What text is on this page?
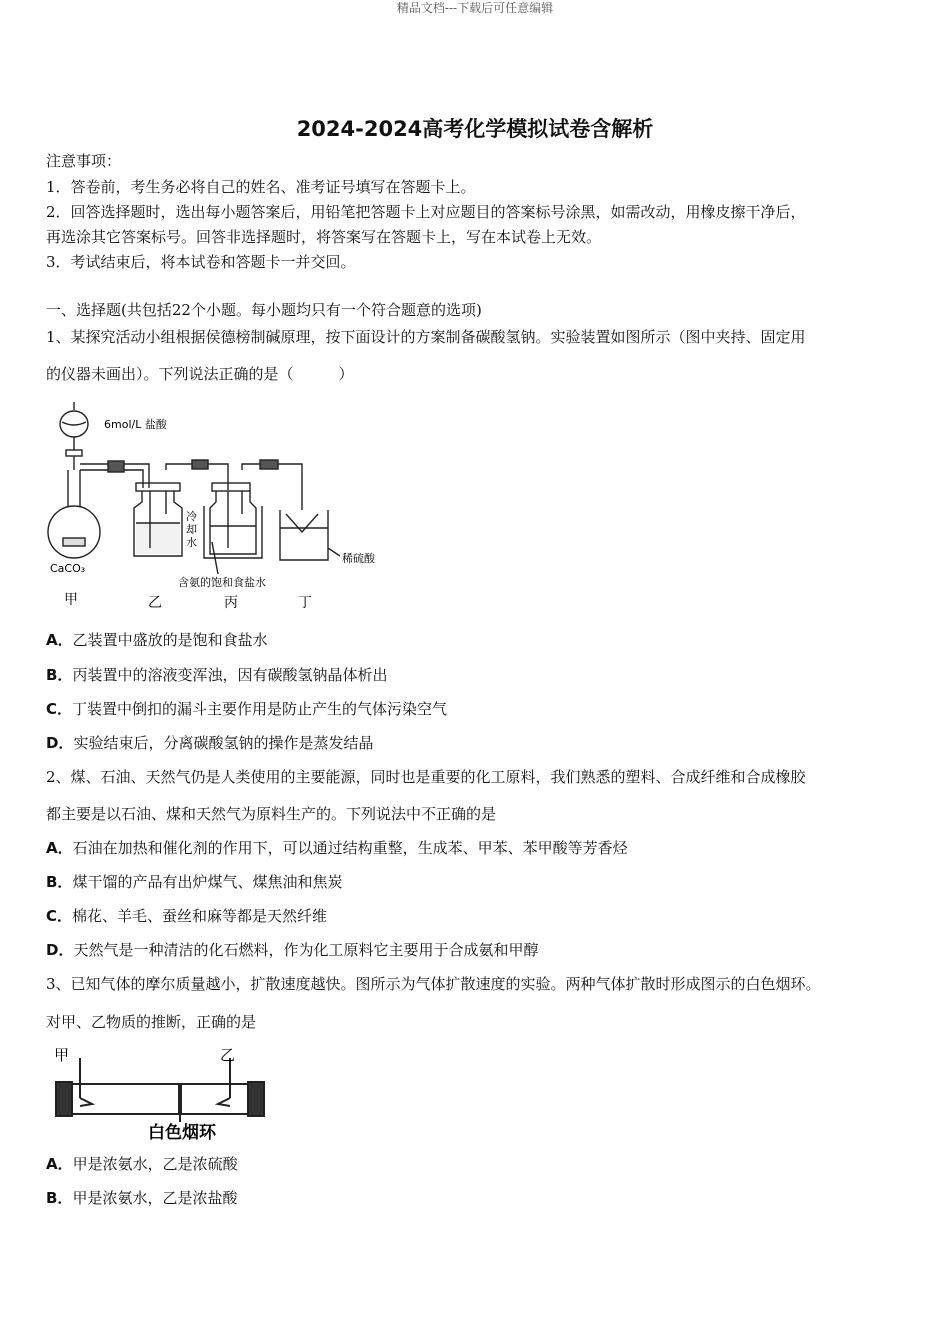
精品文档---下载后可任意编辑
2024-2024高考化学模拟试卷含解析
注意事项：
1．答卷前，考生务必将自己的姓名、准考证号填写在答题卡上。
2．回答选择题时，选出每小题答案后，用铅笔把答题卡上对应题目的答案标号涂黑，如需改动，用橡皮擦干净后，
再选涂其它答案标号。回答非选择题时，将答案写在答题卡上，写在本试卷上无效。
3．考试结束后，将本试卷和答题卡一并交回。
一、选择题(共包括22个小题。每小题均只有一个符合题意的选项)
1、某探究活动小组根据侯德榜制碱原理，按下面设计的方案制备碳酸氢钠。实验装置如图所示（图中夹持、固定用
的仪器未画出）。下列说法正确的是（　　　）
6mol/L 盐酸
CaCO₃
冷
却
水
含氨的饱和食盐水
稀硫酸
甲	乙	丙	丁
A．乙装置中盛放的是饱和食盐水
B．丙装置中的溶液变浑浊，因有碳酸氢钠晶体析出
C．丁装置中倒扣的漏斗主要作用是防止产生的气体污染空气
D．实验结束后，分离碳酸氢钠的操作是蒸发结晶
2、煤、石油、天然气仍是人类使用的主要能源，同时也是重要的化工原料，我们熟悉的塑料、合成纤维和合成橡胶
都主要是以石油、煤和天然气为原料生产的。下列说法中不正确的是
A．石油在加热和催化剂的作用下，可以通过结构重整，生成苯、甲苯、苯甲酸等芳香烃
B．煤干馏的产品有出炉煤气、煤焦油和焦炭
C．棉花、羊毛、蚕丝和麻等都是天然纤维
D．天然气是一种清洁的化石燃料，作为化工原料它主要用于合成氨和甲醇
3、已知气体的摩尔质量越小，扩散速度越快。图所示为气体扩散速度的实验。两种气体扩散时形成图示的白色烟环。
对甲、乙物质的推断，正确的是
甲	乙
白色烟环
A．甲是浓氨水，乙是浓硫酸
B．甲是浓氨水，乙是浓盐酸
